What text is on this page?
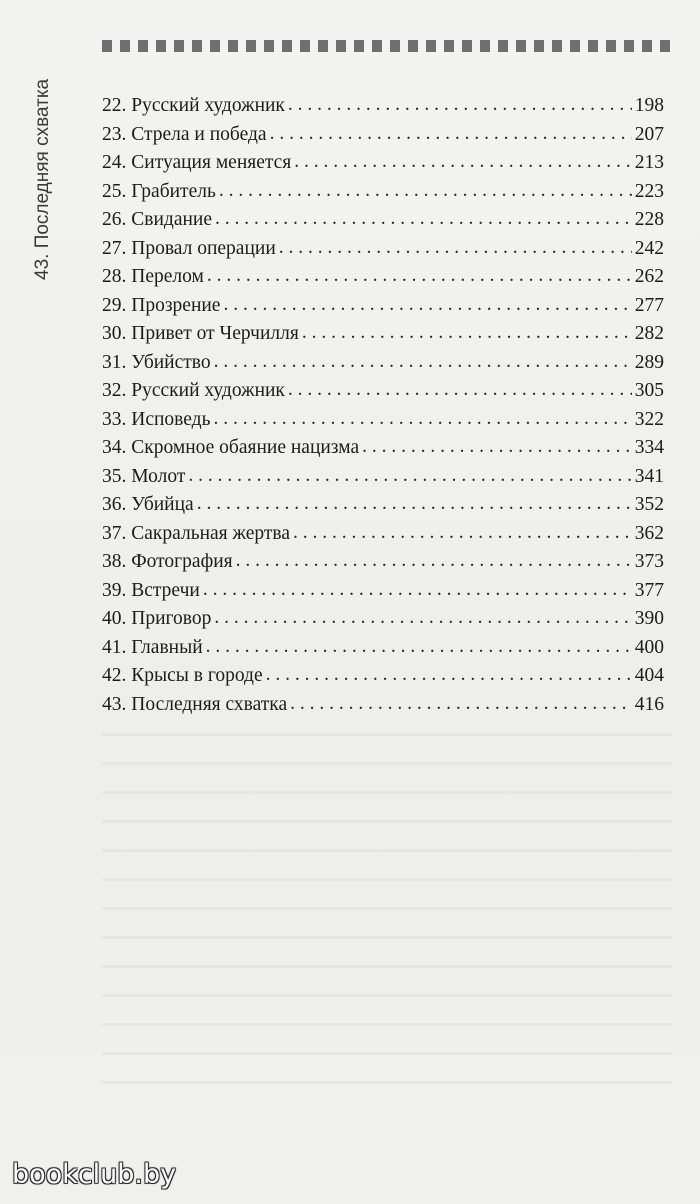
43. Последняя схватка	22. Русский художник . . .	198
23. Стрела и победа . . .	207
24. Ситуация меняется . . .	213
25. Грабитель . . .	223
26. Свидание . . .	228
27. Провал операции . . .	242
28. Перелом . . .	262
29. Прозрение . . .	277
30. Привет от Черчилля . . .	282
31. Убийство . . .	289
32. Русский художник . . .	305
33. Исповедь . . .	322
34. Скромное обаяние нацизма . . .	334
35. Молот . . .	341
36. Убийца . . .	352
37. Сакральная жертва . . .	362
38. Фотография . . .	373
39. Встречи . . .	377
40. Приговор . . .	390
41. Главный . . .	400
42. Крысы в городе . . .	404
43. Последняя схватка . . .	416
bookclub.by
